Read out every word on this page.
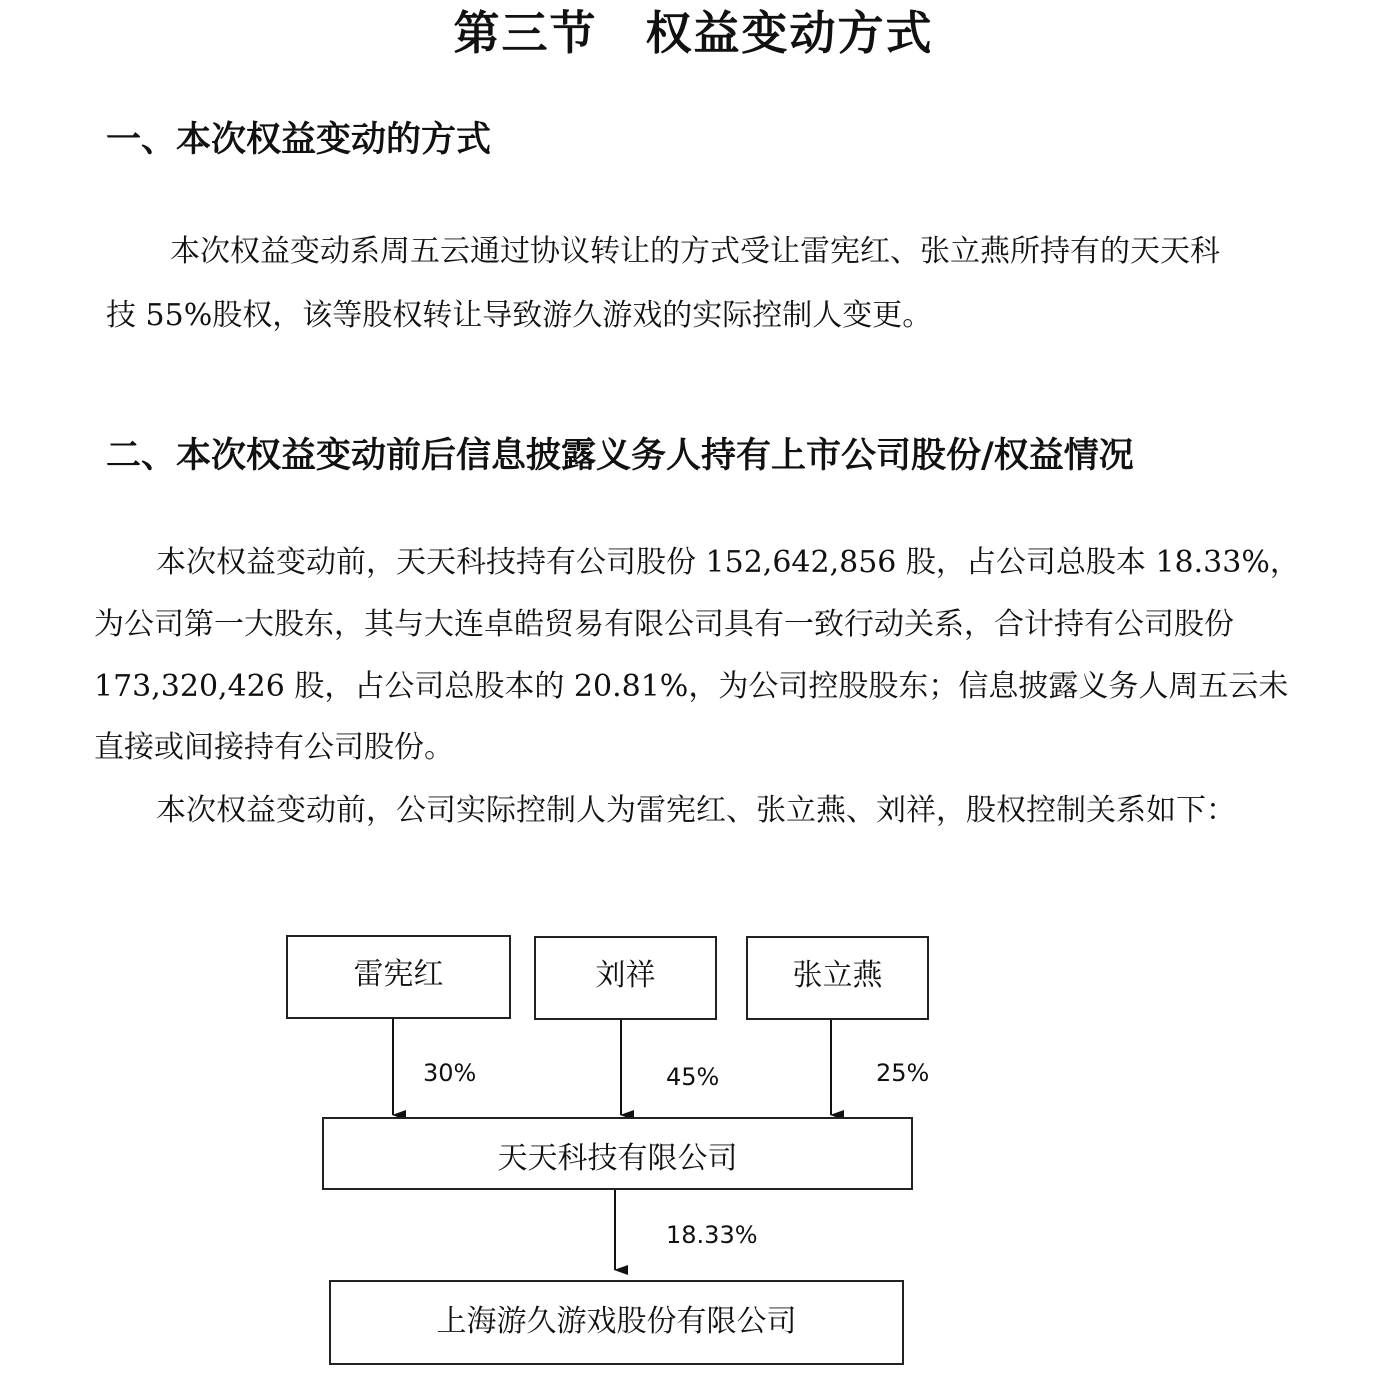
第三节　权益变动方式
一、本次权益变动的方式
本次权益变动系周五云通过协议转让的方式受让雷宪红、张立燕所持有的天天科
技 55%股权，该等股权转让导致游久游戏的实际控制人变更。
二、本次权益变动前后信息披露义务人持有上市公司股份/权益情况
本次权益变动前，天天科技持有公司股份 152,642,856 股，占公司总股本 18.33%，
为公司第一大股东，其与大连卓皓贸易有限公司具有一致行动关系，合计持有公司股份
173,320,426 股，占公司总股本的 20.81%，为公司控股股东；信息披露义务人周五云未
直接或间接持有公司股份。
本次权益变动前，公司实际控制人为雷宪红、张立燕、刘祥，股权控制关系如下：
雷宪红	刘祥	张立燕
30%	45%	25%
天天科技有限公司
18.33%
上海游久游戏股份有限公司
